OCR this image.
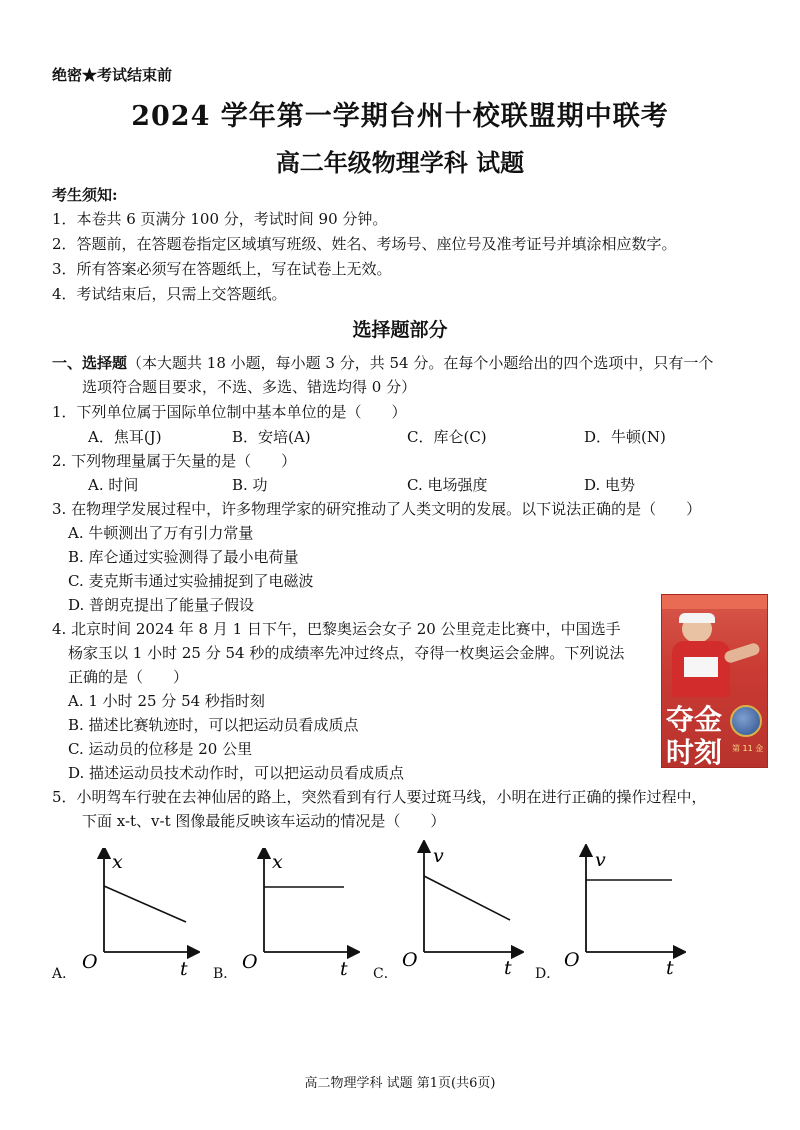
绝密★考试结束前
2024 学年第一学期台州十校联盟期中联考
高二年级物理学科 试题
考生须知:
1．本卷共 6 页满分 100 分，考试时间 90 分钟。
2．答题前，在答题卷指定区域填写班级、姓名、考场号、座位号及准考证号并填涂相应数字。
3．所有答案必须写在答题纸上，写在试卷上无效。
4．考试结束后，只需上交答题纸。
选择题部分
一、选择题（本大题共 18 小题，每小题 3 分，共 54 分。在每个小题给出的四个选项中，只有一个
选项符合题目要求，不选、多选、错选均得 0 分）
1．下列单位属于国际单位制中基本单位的是（　　）
A．焦耳(J)	B．安培(A)	C．库仑(C)	D．牛顿(N)
2. 下列物理量属于矢量的是（　　）
A. 时间	B. 功	C. 电场强度	D. 电势
3. 在物理学发展过程中，许多物理学家的研究推动了人类文明的发展。以下说法正确的是（　　）
A. 牛顿测出了万有引力常量
B. 库仑通过实验测得了最小电荷量
C. 麦克斯韦通过实验捕捉到了电磁波
D. 普朗克提出了能量子假设
4. 北京时间 2024 年 8 月 1 日下午，巴黎奥运会女子 20 公里竞走比赛中，中国选手
杨家玉以 1 小时 25 分 54 秒的成绩率先冲过终点，夺得一枚奥运会金牌。下列说法
正确的是（　　）
A. 1 小时 25 分 54 秒指时刻
B. 描述比赛轨迹时，可以把运动员看成质点
C. 运动员的位移是 20 公里
D. 描述运动员技术动作时，可以把运动员看成质点
夺金
时刻 第 11 金
5．小明驾车行驶在去神仙居的路上，突然看到有行人要过斑马线，小明在进行正确的操作过程中，
下面 x-t、v-t 图像最能反映该车运动的情况是（　　）
A．
x
O	t B．
x
O	t C．
v
O	t D．
v
O	t
高二物理学科 试题 第1页(共6页)
